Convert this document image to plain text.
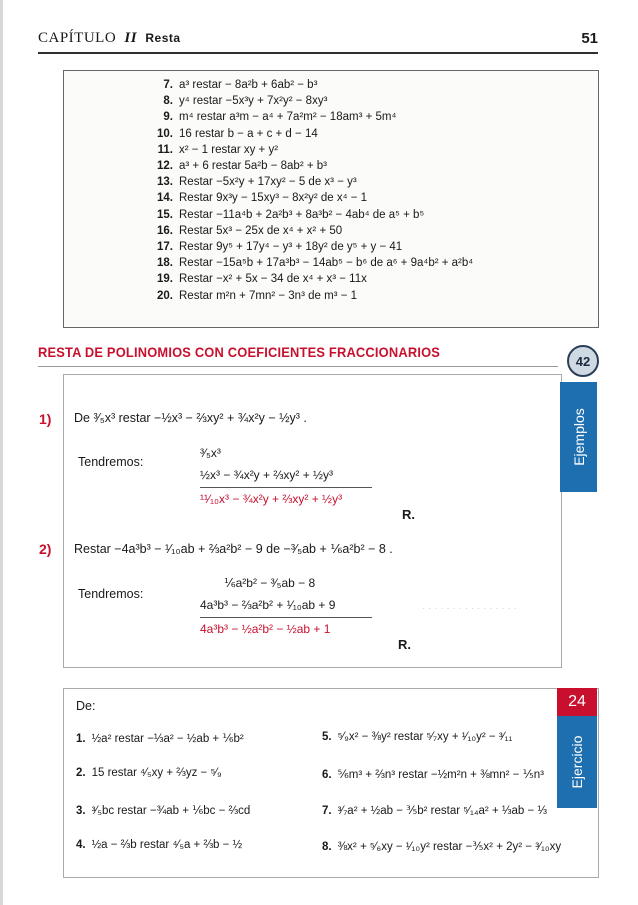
CAPÍTULO II Resta	51
7. a³ restar − 8a²b + 6ab² − b³
8. y⁴ restar −5x³y + 7x²y² − 8xy³
9. m⁴ restar a³m − a⁴ + 7a²m² − 18am³ + 5m⁴
10. 16 restar b − a + c + d − 14
11. x² − 1 restar xy + y²
12. a³ + 6 restar 5a²b − 8ab² + b³
13. Restar −5x²y + 17xy² − 5 de x³ − y³
14. Restar 9x³y − 15xy³ − 8x²y² de x⁴ − 1
15. Restar −11a⁴b + 2a²b³ + 8a³b² − 4ab⁴ de a⁵ + b⁵
16. Restar 5x³ − 25x de x⁴ + x² + 50
17. Restar 9y⁵ + 17y⁴ − y³ + 18y² de y⁵ + y − 41
18. Restar −15a⁵b + 17a³b³ − 14ab⁵ − b⁶ de a⁶ + 9a⁴b² + a²b⁴
19. Restar −x² + 5x − 34 de x⁴ + x³ − 11x
20. Restar m²n + 7mn² − 3n³ de m³ − 1
RESTA DE POLINOMIOS CON COEFICIENTES FRACCIONARIOS
42
1) De ³⁄₅x³ restar −½x³ − ⅔xy² + ¾x²y − ½y³ .
Tendremos:
³⁄₅x³
½x³ − ¾x²y + ⅔xy² + ½y³
¹¹⁄₁₀x³ − ¾x²y + ⅔xy² + ½y³
R.
2) Restar −4a³b³ − ¹⁄₁₀ab + ⅔a²b² − 9 de −³⁄₅ab + ⅙a²b² − 8 .
Tendremos:
⅙a²b² − ³⁄₅ab − 8
4a³b³ − ⅔a²b² + ¹⁄₁₀ab + 9
4a³b³ − ½a²b² − ½ab + 1
R.
· · · · · · · · · · · · · · · ·
Ejemplos
De:
1. ½a² restar −⅓a² − ½ab + ⅙b²
2. 15 restar ⁴⁄₅xy + ⅔yz − ⁵⁄₉
3. ³⁄₅bc restar −¾ab + ⅙bc − ⅔cd
4. ½a − ⅔b restar ⁴⁄₅a + ⅔b − ½
5. ⁵⁄₉x² − ⅜y² restar ⁵⁄₇xy + ¹⁄₁₀y² − ³⁄₁₁
6. ⅚m³ + ⅔n³ restar −½m²n + ⅜mn² − ⅕n³
7. ³⁄₇a² + ½ab − ⅗b² restar ⁵⁄₁₄a² + ⅓ab − ⅓
8. ⅜x² + ⁵⁄₆xy − ¹⁄₁₀y² restar −⅗x² + 2y² − ³⁄₁₀xy
24
Ejercicio
